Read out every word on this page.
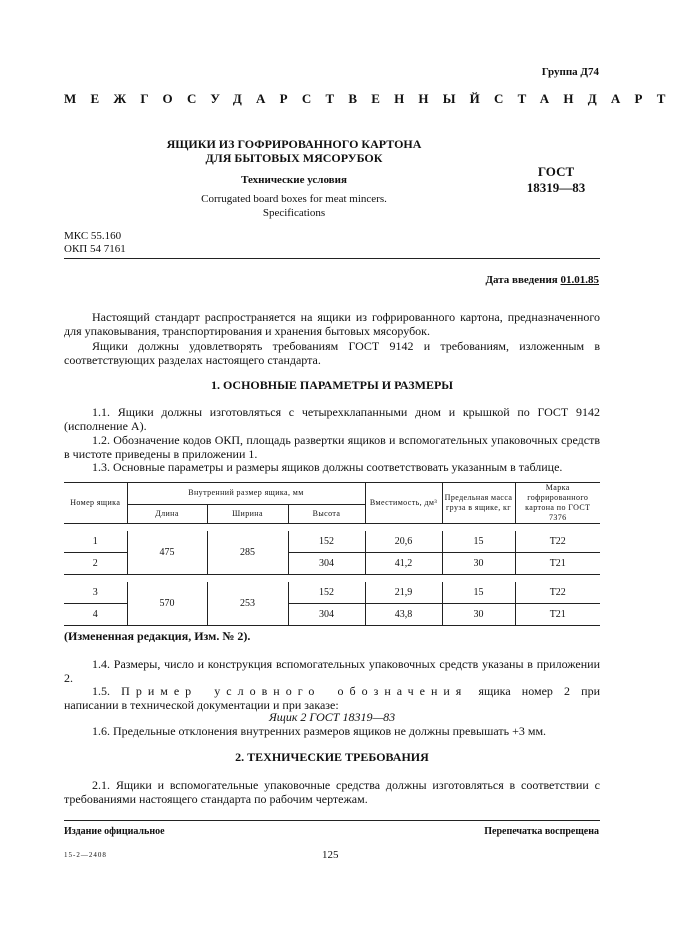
Группа Д74
МЕЖГОСУДАРСТВЕННЫЙ СТАНДАРТ
ЯЩИКИ ИЗ ГОФРИРОВАННОГО КАРТОНА
ДЛЯ БЫТОВЫХ МЯСОРУБОК
Технические условия
Corrugated board boxes for meat mincers.
Specifications
ГОСТ
18319—83
МКС 55.160
ОКП 54 7161
Дата введения 01.01.85
Настоящий стандарт распространяется на ящики из гофрированного картона, предназначенного для упаковывания, транспортирования и хранения бытовых мясорубок.
Ящики должны удовлетворять требованиям ГОСТ 9142 и требованиям, изложенным в соответствующих разделах настоящего стандарта.
1. ОСНОВНЫЕ ПАРАМЕТРЫ И РАЗМЕРЫ
1.1. Ящики должны изготовляться с четырехклапанными дном и крышкой по ГОСТ 9142 (исполнение А).
1.2. Обозначение кодов ОКП, площадь развертки ящиков и вспомогательных упаковочных средств в чистоте приведены в приложении 1.
1.3. Основные параметры и размеры ящиков должны соответствовать указанным в таблице.
Номер ящика	Внутренний размер ящика, мм			Вместимость, дм³	Предельная масса груза в ящике, кг	Марка гофрированного картона по ГОСТ 7376
	Длина	Ширина	Высота			

1	475	285	152	20,6	15	Т22
2			304	41,2	30	Т21

3	570	253	152	21,9	15	Т22
4			304	43,8	30	Т21
(Измененная редакция, Изм. № 2).
1.4. Размеры, число и конструкция вспомогательных упаковочных средств указаны в приложении 2.
1.5. Пример условного обозначения ящика номер 2 при написании в технической документации и при заказе:
Ящик 2 ГОСТ 18319—83
1.6. Предельные отклонения внутренних размеров ящиков не должны превышать +3 мм.
2. ТЕХНИЧЕСКИЕ ТРЕБОВАНИЯ
2.1. Ящики и вспомогательные упаковочные средства должны изготовляться в соответствии с требованиями настоящего стандарта по рабочим чертежам.
Издание официальное	Перепечатка воспрещена
15-2—2408	125
